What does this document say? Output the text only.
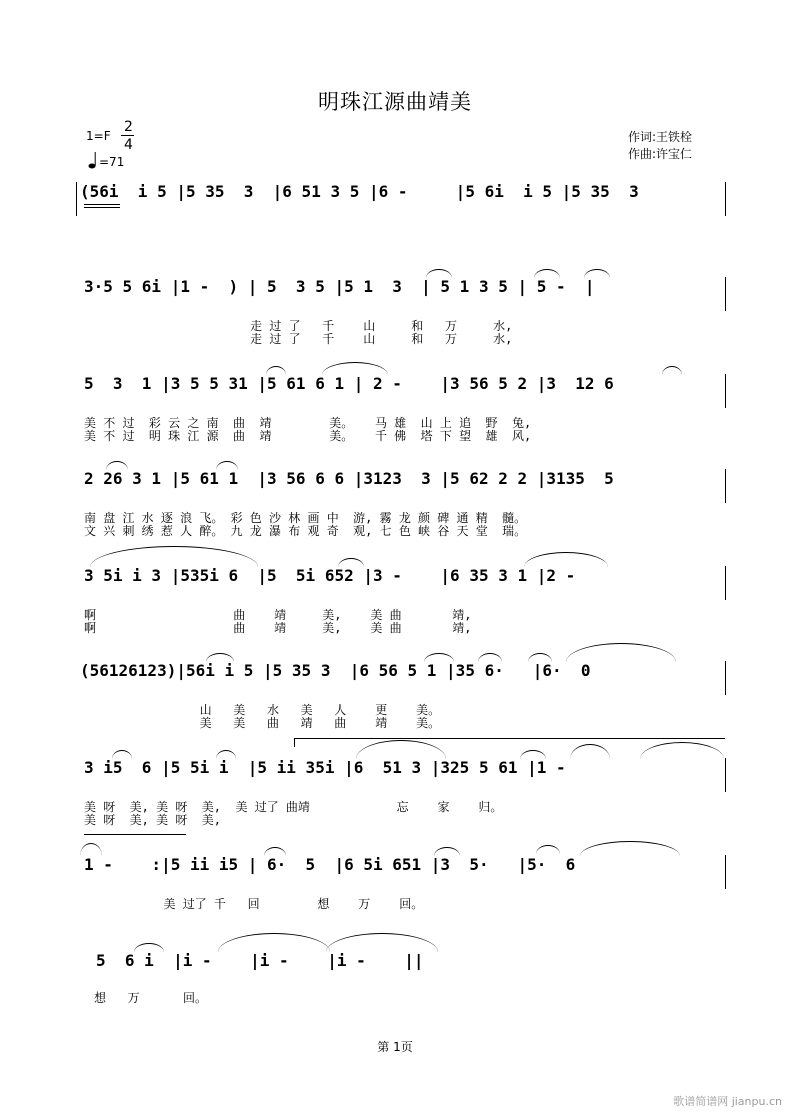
明珠江源曲靖美
1=F
2
4
=71
作词:王铁栓
作曲:许宝仁
(56i  i 5 |5 35  3  |6 51 3 5 |6 -     |5 6i  i 5 |5 35  3
3·5 5 6i |1 -  ) | 5  3 5 |5 1  3  | 5 1 3 5 | 5 -  |
走 过 了   千    山     和   万     水,
走 过 了   千    山     和   万     水,
5  3  1 |3 5 5 31 |5 61 6 1 | 2 -    |3 56 5 2 |3  12 6
美 不 过  彩 云 之 南  曲  靖        美。   马 雄  山 上 追  野  兔,
美 不 过  明 珠 江 源  曲  靖        美。   千 佛  塔 下 望  雄  风,
2 26 3 1 |5 61 1  |3 56 6 6 |3123  3 |5 62 2 2 |3135  5
南 盘 江 水 逐 浪 飞。 彩 色 沙 林 画 中  游, 霧 龙 颜 碑 通 精  髓。
文 兴 刺 绣 惹 人 醉。 九 龙 瀑 布 观 奇  观, 七 色 峡 谷 天 堂  瑞。
3 5i i 3 |535i 6  |5  5i 652 |3 -    |6 35 3 1 |2 -
啊                   曲    靖     美,    美 曲       靖,
啊                   曲    靖     美,    美 曲       靖,
(56126123)|56i i 5 |5 35 3  |6 56 5 1 |35 6·   |6·  0
山   美   水   美   人    更    美。
美   美   曲   靖   曲    靖    美。
3 i5  6 |5 5i i  |5 ii 35i |6  51 3 |325 5 61 |1 -
美 呀  美, 美 呀  美,  美 过了 曲靖            忘    家    归。
美 呀  美, 美 呀  美,
1 -    :|5 ii i5 | 6·  5  |6 5i 651 |3  5·   |5·  6
美 过了 千   回        想    万    回。
5  6 i  |i -    |i -    |i -    ||
想   万      回。
第 1页
歌谱简谱网 jianpu.cn
